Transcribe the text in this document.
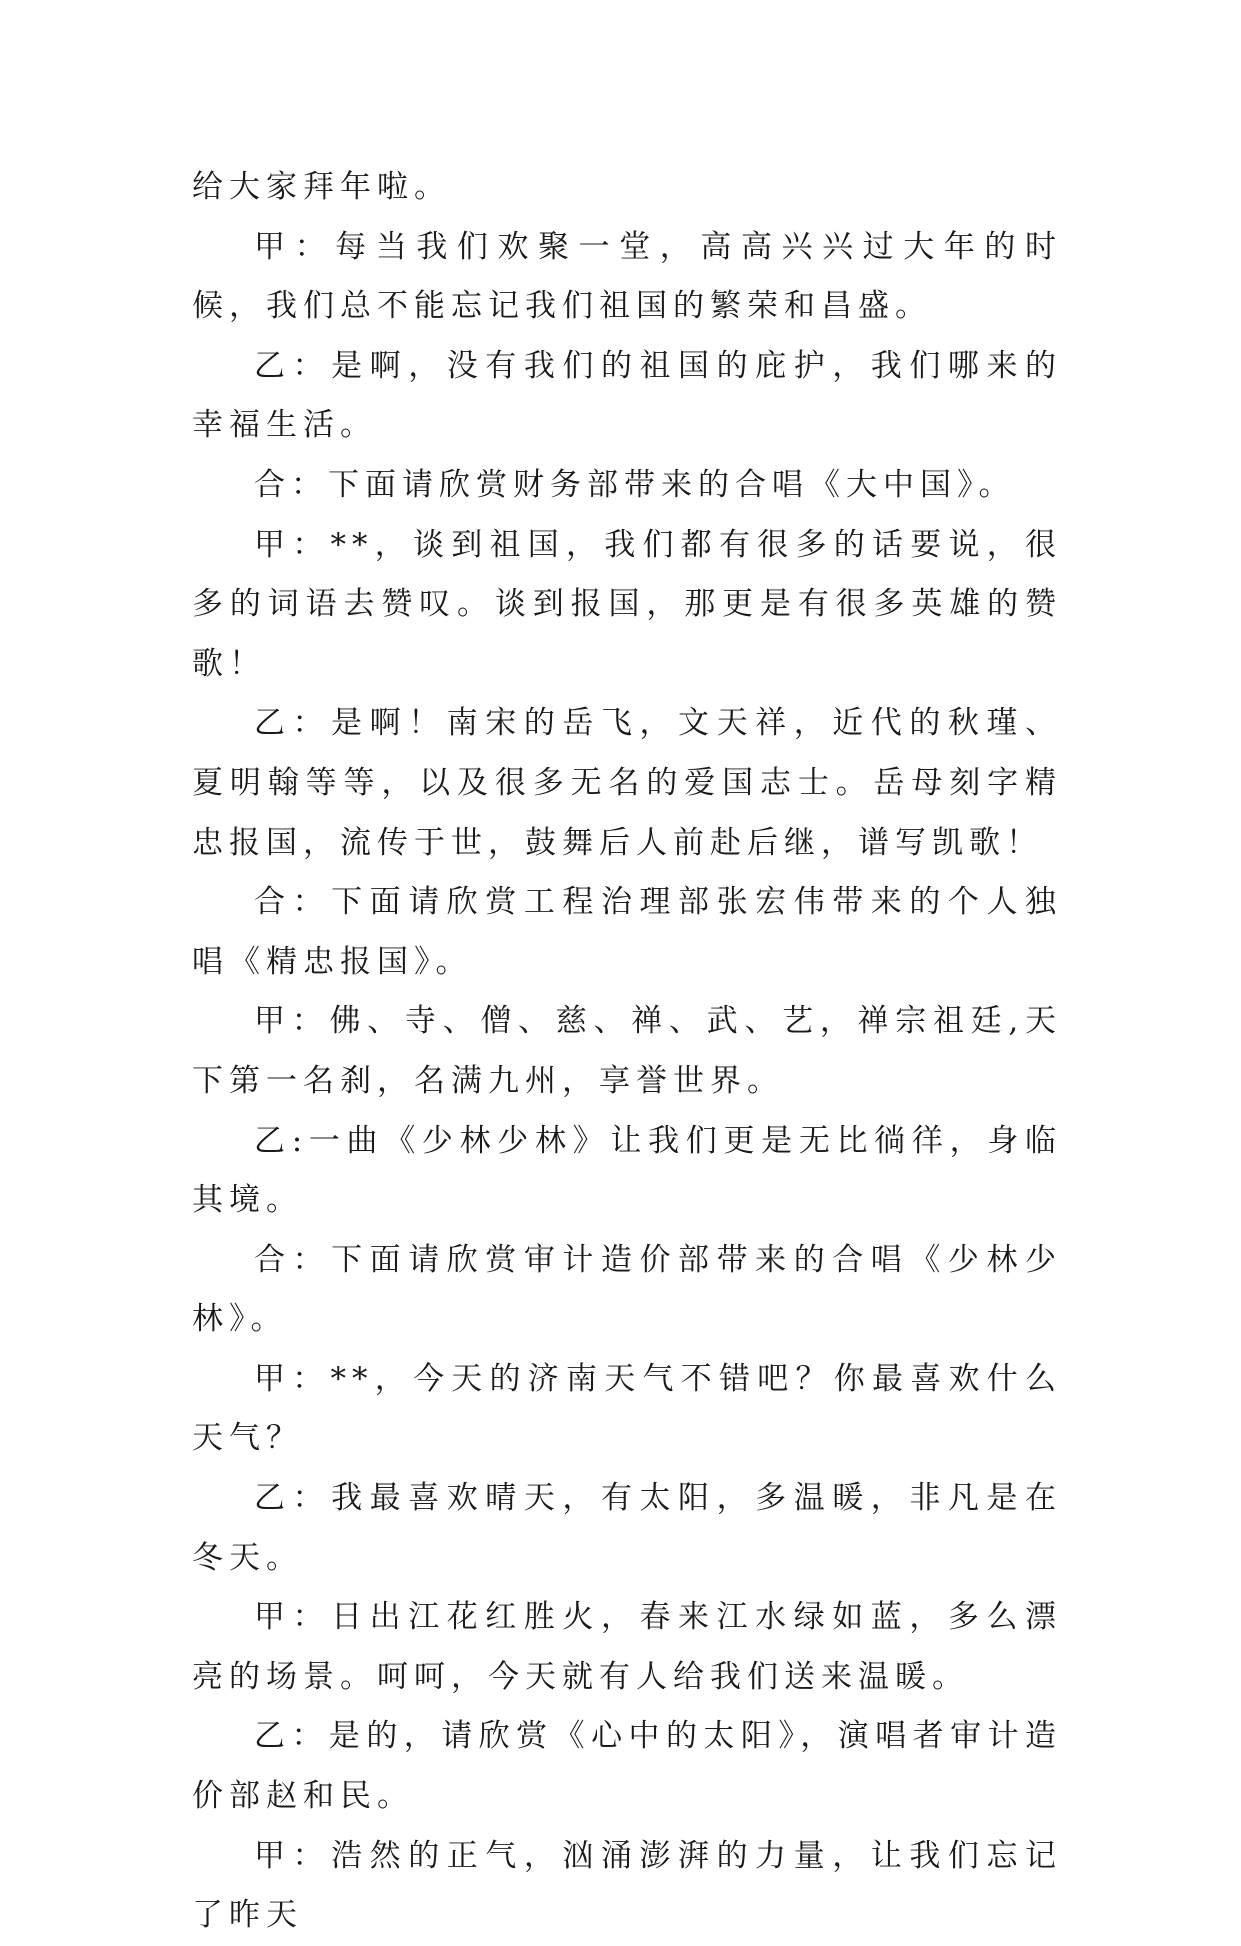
给大家拜年啦。

甲：每当我们欢聚一堂，高高兴兴过大年的时候，我们总不能忘记我们祖国的繁荣和昌盛。

乙：是啊，没有我们的祖国的庇护，我们哪来的幸福生活。

合：下面请欣赏财务部带来的合唱《大中国》。

甲：**，谈到祖国，我们都有很多的话要说，很多的词语去赞叹。谈到报国，那更是有很多英雄的赞歌！

乙：是啊！南宋的岳飞，文天祥，近代的秋瑾、夏明翰等等，以及很多无名的爱国志士。岳母刻字精忠报国，流传于世，鼓舞后人前赴后继，谱写凯歌！

合：下面请欣赏工程治理部张宏伟带来的个人独唱《精忠报国》。

甲：佛、寺、僧、慈、禅、武、艺，禅宗祖廷,天下第一名刹，名满九州，享誉世界。

乙:一曲《少林少林》让我们更是无比徜徉，身临其境。

合：下面请欣赏审计造价部带来的合唱《少林少林》。

甲：**，今天的济南天气不错吧？你最喜欢什么天气？

乙：我最喜欢晴天，有太阳，多温暖，非凡是在冬天。

甲：日出江花红胜火，春来江水绿如蓝，多么漂亮的场景。呵呵，今天就有人给我们送来温暖。

乙：是的，请欣赏《心中的太阳》，演唱者审计造价部赵和民。

甲：浩然的正气，汹涌澎湃的力量，让我们忘记了昨天
